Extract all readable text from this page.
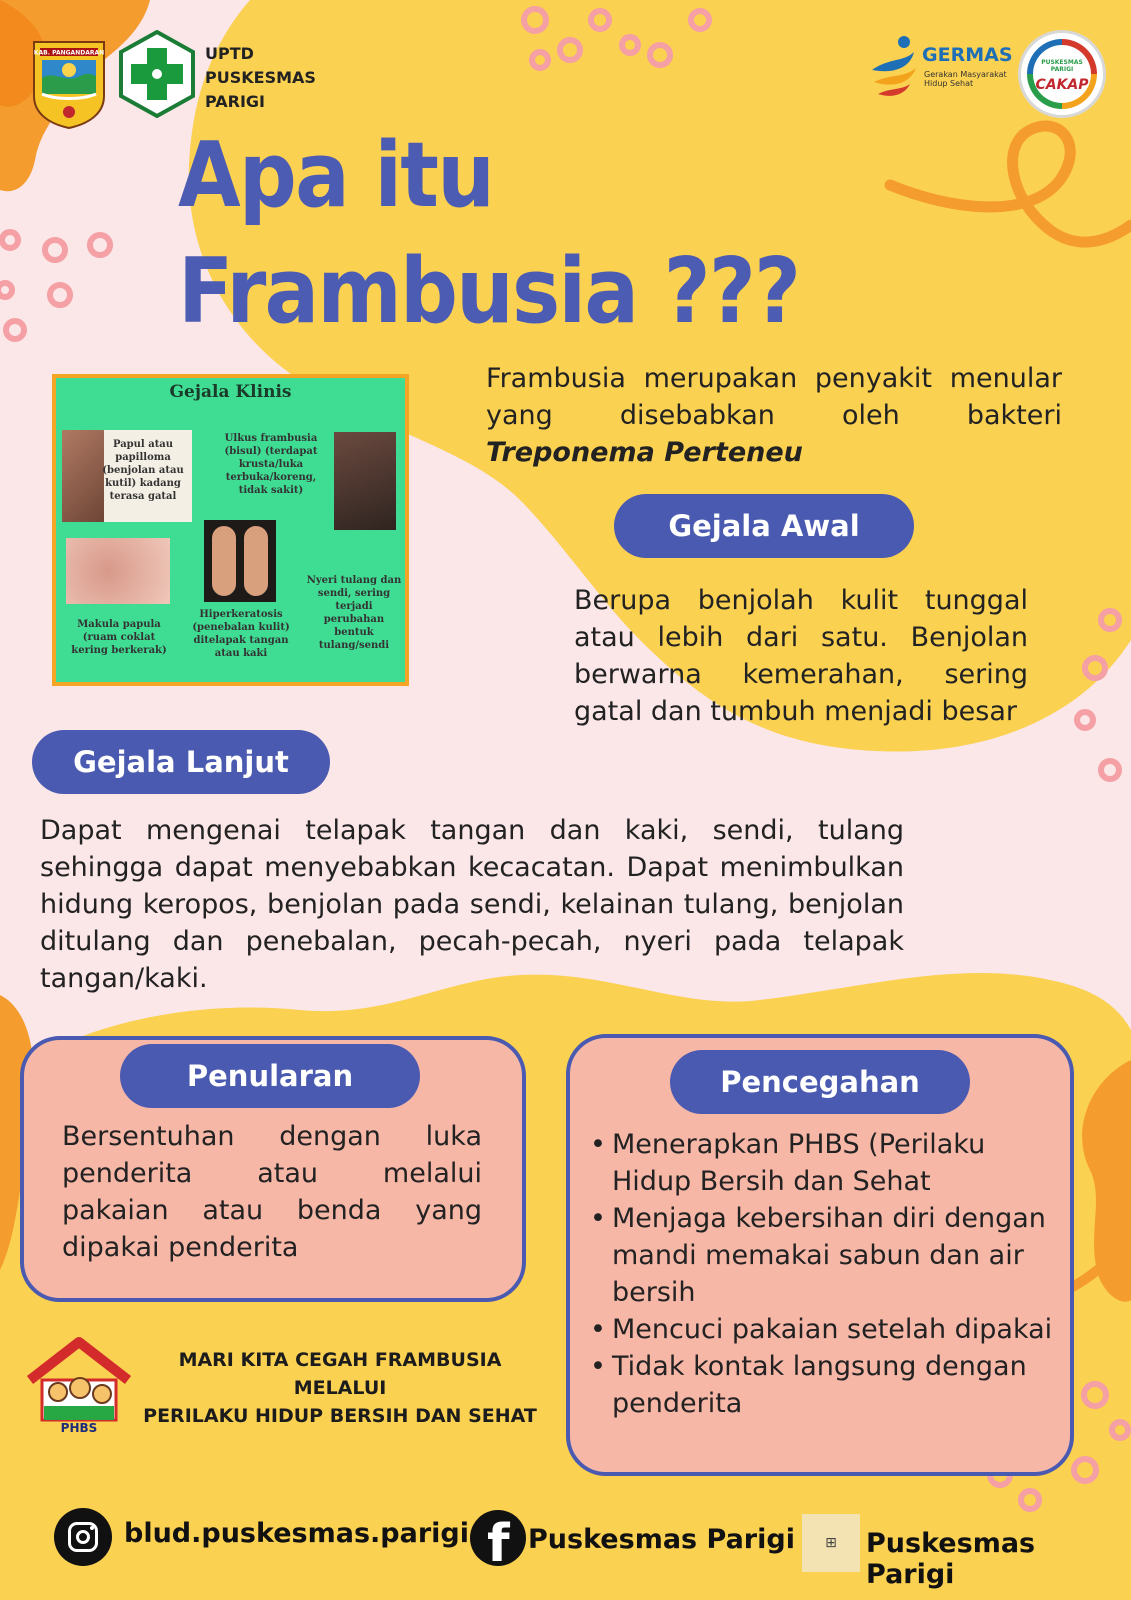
KAB. PANGANDARAN	UPTD
PUSKESMAS
PARIGI
GERMAS
Gerakan Masyarakat
Hidup Sehat
PUSKESMAS PARIGI
CAKAP
Apa itu
Frambusia ???
Gejala Klinis
Papul atau papilloma (benjolan atau kutil) kadang terasa gatal
Ulkus frambusia (bisul) (terdapat krusta/luka terbuka/koreng, tidak sakit)
Makula papula (ruam coklat kering berkerak)
Hiperkeratosis (penebalan kulit) ditelapak tangan atau kaki
Nyeri tulang dan sendi, sering terjadi perubahan bentuk tulang/sendi
Frambusia merupakan penyakit menular yang disebabkan oleh bakteri Treponema Perteneu
Gejala Awal
Berupa benjolah kulit tunggal atau lebih dari satu. Benjolan berwarna kemerahan, sering gatal dan tumbuh menjadi besar
Gejala Lanjut
Dapat mengenai telapak tangan dan kaki, sendi, tulang sehingga dapat menyebabkan kecacatan. Dapat menimbulkan hidung keropos, benjolan pada sendi, kelainan tulang, benjolan ditulang dan penebalan, pecah-pecah, nyeri pada telapak tangan/kaki.
Penularan
Bersentuhan dengan luka penderita atau melalui pakaian atau benda yang dipakai penderita
Pencegahan
• Menerapkan PHBS (Perilaku Hidup Bersih dan Sehat
• Menjaga kebersihan diri dengan mandi memakai sabun dan air bersih
• Mencuci pakaian setelah dipakai
• Tidak kontak langsung dengan penderita
PHBS
MARI KITA CEGAH FRAMBUSIA
MELALUI
PERILAKU HIDUP BERSIH DAN SEHAT
blud.puskesmas.parigi f Puskesmas Parigi	⊞	Puskesmas Parigi
